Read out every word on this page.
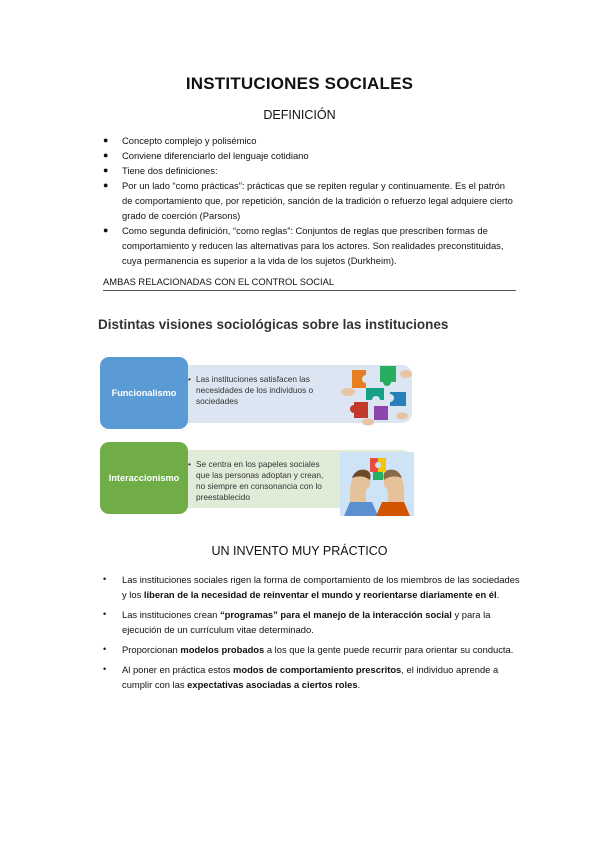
INSTITUCIONES SOCIALES
DEFINICIÓN
● Concepto complejo y polisémico
● Conviene diferenciarlo del lenguaje cotidiano
● Tiene dos definiciones:
● Por un lado “como prácticas”: prácticas que se repiten regular y continuamente. Es el patrón de comportamiento que, por repetición, sanción de la tradición o refuerzo legal adquiere cierto grado de coerción (Parsons)
● Como segunda definición, “como reglas”: Conjuntos de reglas que prescriben formas de comportamiento y reducen las alternativas para los actores. Son realidades preconstituidas, cuya permanencia es superior a la vida de los sujetos (Durkheim).
AMBAS RELACIONADAS CON EL CONTROL SOCIAL
Distintas visiones sociológicas sobre las instituciones
Funcionalismo
• Las instituciones satisfacen las necesidades de los individuos o sociedades
Interaccionismo
• Se centra en los papeles sociales que las personas adoptan y crean, no siempre en consonancia con lo preestablecido
UN INVENTO MUY PRÁCTICO
• Las instituciones sociales rigen la forma de comportamiento de los miembros de las sociedades y los liberan de la necesidad de reinventar el mundo y reorientarse diariamente en él.
• Las instituciones crean “programas” para el manejo de la interacción social y para la ejecución de un currículum vitae determinado.
• Proporcionan modelos probados a los que la gente puede recurrir para orientar su conducta.
• Al poner en práctica estos modos de comportamiento prescritos, el individuo aprende a cumplir con las expectativas asociadas a ciertos roles.
